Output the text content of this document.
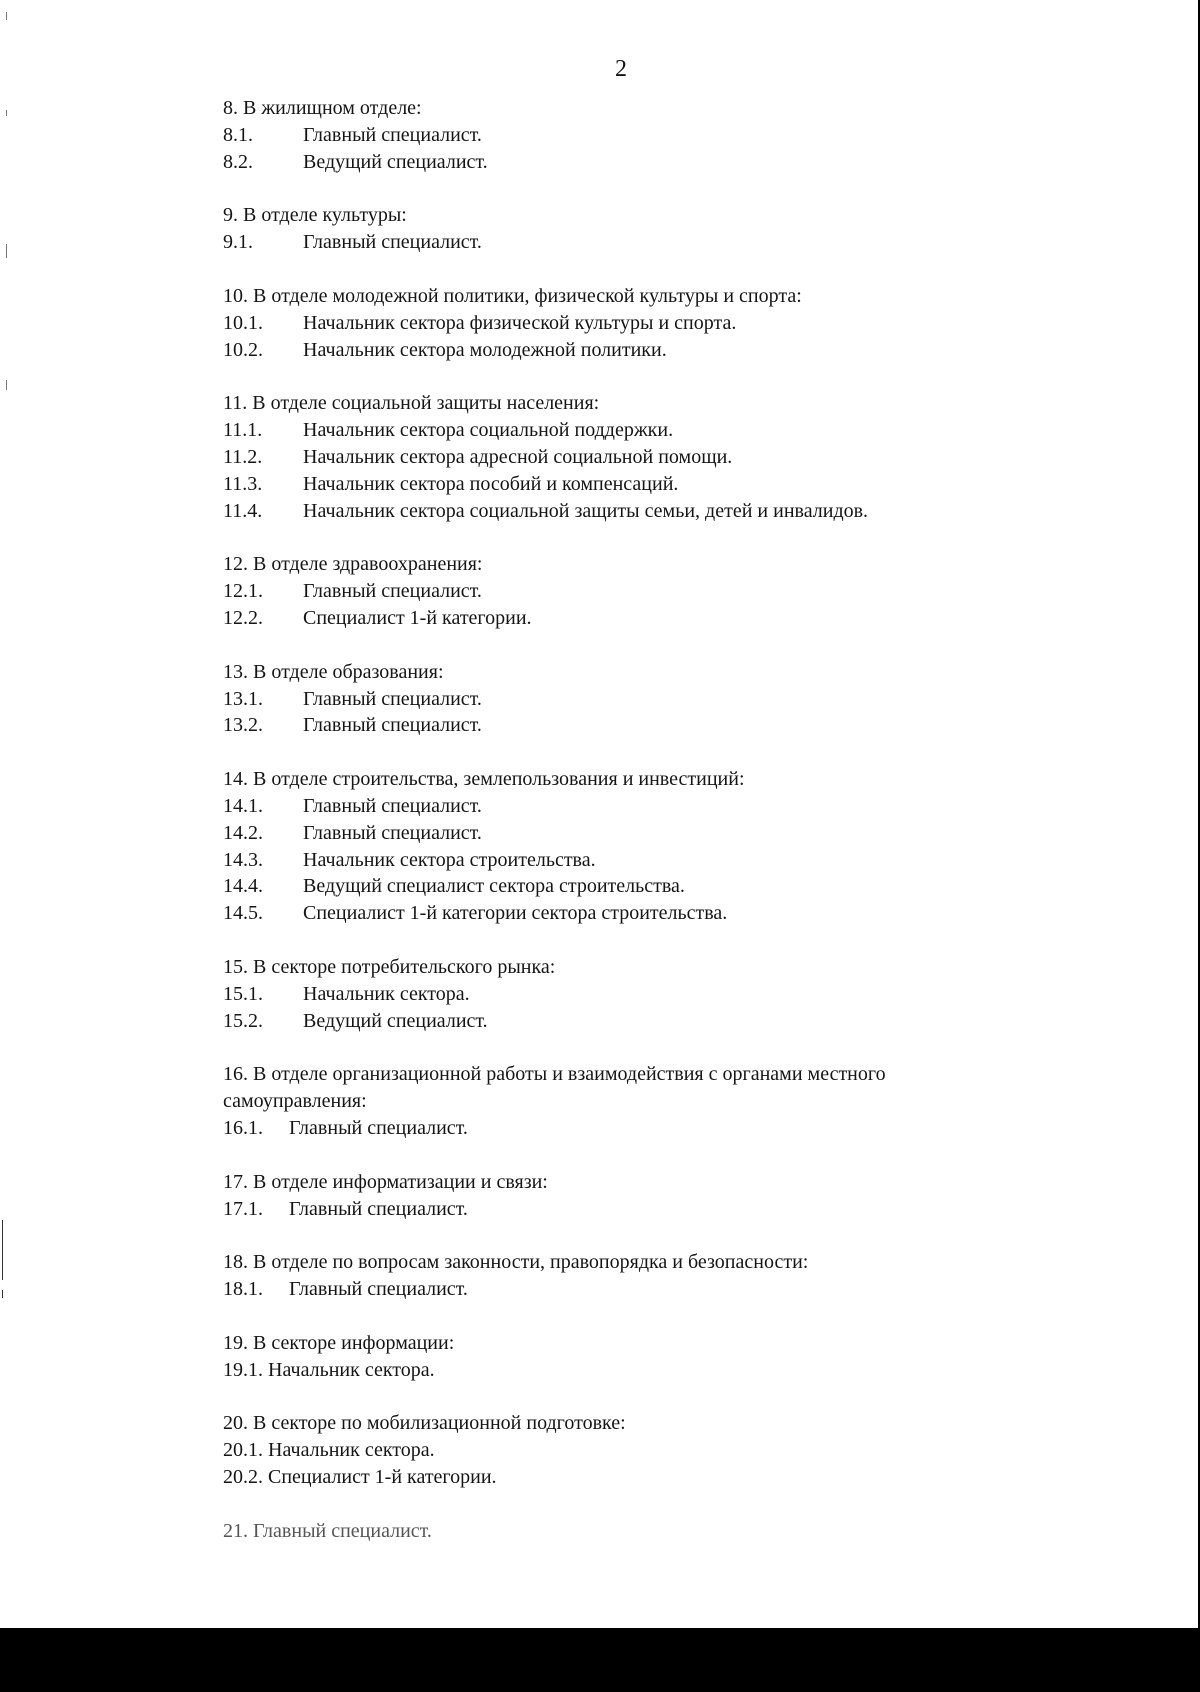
2
8. В жилищном отделе:
8.1.	Главный специалист.
8.2.	Ведущий специалист.
9. В отделе культуры:
9.1.	Главный специалист.
10. В отделе молодежной политики, физической культуры и спорта:
10.1.	Начальник сектора физической культуры и спорта.
10.2.	Начальник сектора молодежной политики.
11. В отделе социальной защиты населения:
11.1.	Начальник сектора социальной поддержки.
11.2.	Начальник сектора адресной социальной помощи.
11.3.	Начальник сектора пособий и компенсаций.
11.4.	Начальник сектора социальной защиты семьи, детей и инвалидов.
12. В отделе здравоохранения:
12.1.	Главный специалист.
12.2.	Специалист 1-й категории.
13. В отделе образования:
13.1.	Главный специалист.
13.2.	Главный специалист.
14. В отделе строительства, землепользования и инвестиций:
14.1.	Главный специалист.
14.2.	Главный специалист.
14.3.	Начальник сектора строительства.
14.4.	Ведущий специалист сектора строительства.
14.5.	Специалист 1-й категории сектора строительства.
15. В секторе потребительского рынка:
15.1.	Начальник сектора.
15.2.	Ведущий специалист.
16. В отделе организационной работы и взаимодействия с органами местного самоуправления:
16.1.	Главный специалист.
17. В отделе информатизации и связи:
17.1.	Главный специалист.
18. В отделе по вопросам законности, правопорядка и безопасности:
18.1.	Главный специалист.
19. В секторе информации:
19.1. Начальник сектора.
20. В секторе по мобилизационной подготовке:
20.1. Начальник сектора.
20.2. Специалист 1-й категории.
21. Главный специалист.
